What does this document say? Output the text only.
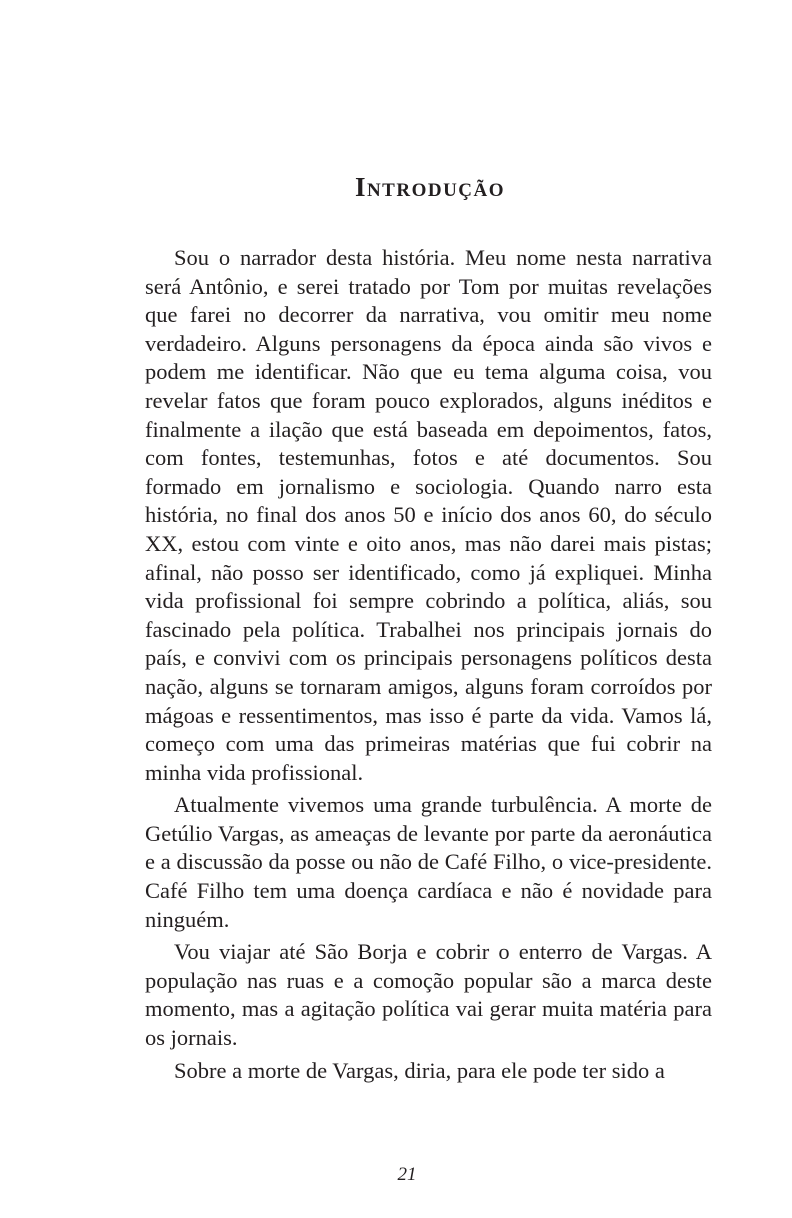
Introdução

Sou o narrador desta história. Meu nome nesta narrativa será Antônio, e serei tratado por Tom por muitas revelações que farei no decorrer da narrativa, vou omitir meu nome verdadeiro. Alguns personagens da época ainda são vivos e podem me identificar. Não que eu tema alguma coisa, vou revelar fatos que foram pouco explorados, alguns inéditos e finalmente a ilação que está baseada em depoimentos, fatos, com fontes, testemunhas, fotos e até documentos. Sou formado em jornalismo e sociologia. Quando narro esta história, no final dos anos 50 e início dos anos 60, do século XX, estou com vinte e oito anos, mas não darei mais pistas; afinal, não posso ser identificado, como já expliquei. Minha vida profissional foi sempre cobrindo a política, aliás, sou fascinado pela política. Trabalhei nos principais jornais do país, e convivi com os principais personagens políticos desta nação, alguns se tornaram amigos, alguns foram corroídos por mágoas e ressentimentos, mas isso é parte da vida. Vamos lá, começo com uma das primeiras matérias que fui cobrir na minha vida profissional.

Atualmente vivemos uma grande turbulência. A morte de Getúlio Vargas, as ameaças de levante por parte da aeronáutica e a discussão da posse ou não de Café Filho, o vice-presidente. Café Filho tem uma doença cardíaca e não é novidade para ninguém.

Vou viajar até São Borja e cobrir o enterro de Vargas. A população nas ruas e a comoção popular são a marca deste momento, mas a agitação política vai gerar muita matéria para os jornais.

Sobre a morte de Vargas, diria, para ele pode ter sido a

21
